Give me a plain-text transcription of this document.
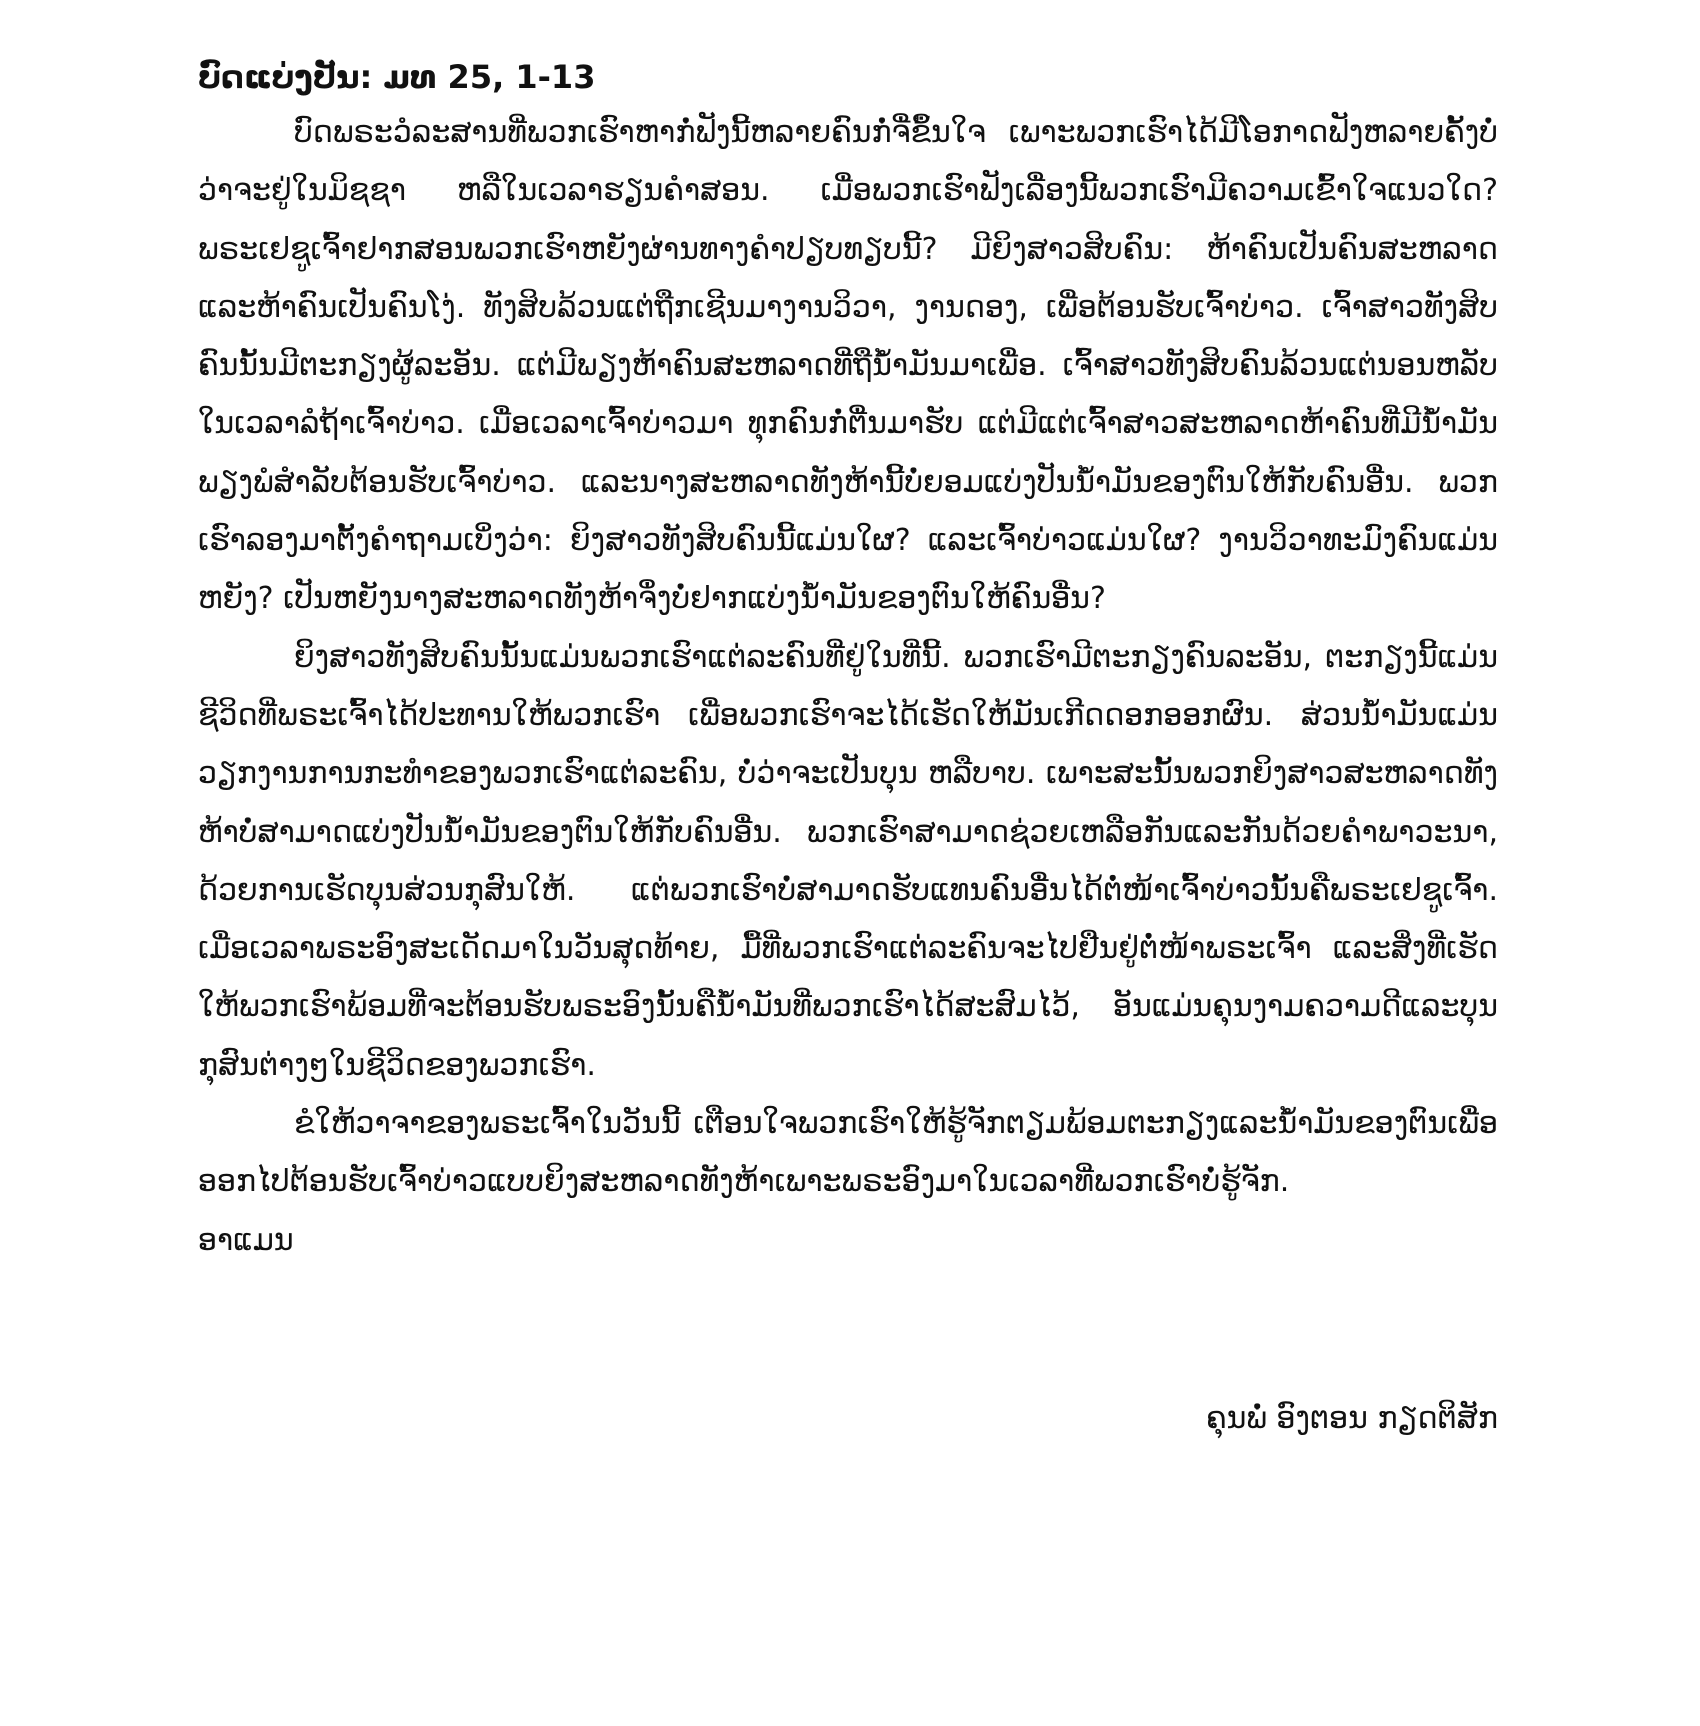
ບົດແບ່ງປັນ: ມທ 25, 1-13

ບົດພຣະວໍລະສານທີ່ພວກເຮົາຫາກໍ່ຟັງນີ້ຫລາຍຄົນກໍ່ຈື່ຂຶ້ນໃຈ ເພາະພວກເຮົາໄດ້ມີໂອກາດຟັງຫລາຍຄັ້ງບໍ່ວ່າຈະຢູ່ໃນມິຊຊາ ຫລືໃນເວລາຮຽນຄຳສອນ. ເມື່ອພວກເຮົາຟັງເລື່ອງນີ້ພວກເຮົາມີຄວາມເຂົ້າໃຈແນວໃດ? ພຣະເຢຊູເຈົ້າຢາກສອນພວກເຮົາຫຍັງຜ່ານທາງຄຳປຽບທຽບນີ້? ມີຍິງສາວສິບຄົນ: ຫ້າຄົນເປັນຄົນສະຫລາດ ແລະຫ້າຄົນເປັນຄົນໂງ່. ທັງສິບລ້ວນແຕ່ຖືກເຊີນມາງານວິວາ, ງານດອງ, ເພື່ອຕ້ອນຮັບເຈົ້າບ່າວ. ເຈົ້າສາວທັງສິບຄົນນັ້ນມີຕະກຽງຜູ້ລະອັນ. ແຕ່ມີພຽງຫ້າຄົນສະຫລາດທີ່ຖືນ້ຳມັນມາເພື່ອ. ເຈົ້າສາວທັງສິບຄົນລ້ວນແຕ່ນອນຫລັບໃນເວລາລໍຖ້າເຈົ້າບ່າວ. ເມື່ອເວລາເຈົ້າບ່າວມາ ທຸກຄົນກໍ່ຕື່ນມາຮັບ ແຕ່ມີແຕ່ເຈົ້າສາວສະຫລາດຫ້າຄົນທີ່ມີນ້ຳມັນພຽງພໍສຳລັບຕ້ອນຮັບເຈົ້າບ່າວ. ແລະນາງສະຫລາດທັງຫ້ານີ້ບໍ່ຍອມແບ່ງປັນນ້ຳມັນຂອງຕົນໃຫ້ກັບຄົນອື່ນ. ພວກເຮົາລອງມາຕັ້ງຄຳຖາມເບິ່ງວ່າ: ຍິງສາວທັງສິບຄົນນີ້ແມ່ນໃຜ? ແລະເຈົ້າບ່າວແມ່ນໃຜ? ງານວິວາທະມົງຄົນແມ່ນຫຍັງ? ເປັນຫຍັງນາງສະຫລາດທັງຫ້າຈຶ່ງບໍ່ຢາກແບ່ງນ້ຳມັນຂອງຕົນໃຫ້ຄົນອື່ນ?

ຍິງສາວທັງສິບຄົນນັ້ນແມ່ນພວກເຮົາແຕ່ລະຄົນທີ່ຢູ່ໃນທີ່ນີ້. ພວກເຮົາມີຕະກຽງຄົນລະອັນ, ຕະກຽງນີ້ແມ່ນຊີວິດທີ່ພຣະເຈົ້າໄດ້ປະທານໃຫ້ພວກເຮົາ ເພື່ອພວກເຮົາຈະໄດ້ເຮັດໃຫ້ມັນເກີດດອກອອກຜົນ. ສ່ວນນ້ຳມັນແມ່ນວຽກງານການກະທຳຂອງພວກເຮົາແຕ່ລະຄົນ, ບໍ່ວ່າຈະເປັນບຸນ ຫລືບາບ. ເພາະສະນັ້ນພວກຍິງສາວສະຫລາດທັງຫ້າບໍ່ສາມາດແບ່ງປັນນ້ຳມັນຂອງຕົນໃຫ້ກັບຄົນອື່ນ. ພວກເຮົາສາມາດຊ່ວຍເຫລືອກັນແລະກັນດ້ວຍຄຳພາວະນາ, ດ້ວຍການເຮັດບຸນສ່ວນກຸສົນໃຫ້. ແຕ່ພວກເຮົາບໍ່ສາມາດຮັບແທນຄົນອື່ນໄດ້ຕໍ່ໜ້າເຈົ້າບ່າວນັ້ນຄືພຣະເຢຊູເຈົ້າ. ເມື່ອເວລາພຣະອົງສະເດັດມາໃນວັນສຸດທ້າຍ, ມື້ທີ່ພວກເຮົາແຕ່ລະຄົນຈະໄປຢືນຢູ່ຕໍ່ໜ້າພຣະເຈົ້າ ແລະສິ່ງທີ່ເຮັດໃຫ້ພວກເຮົາພ້ອມທີ່ຈະຕ້ອນຮັບພຣະອົງນັ້ນຄືນ້ຳມັນທີ່ພວກເຮົາໄດ້ສະສົມໄວ້, ອັນແມ່ນຄຸນງາມຄວາມດີແລະບຸນກຸສົນຕ່າງໆໃນຊີວິດຂອງພວກເຮົາ.

ຂໍໃຫ້ວາຈາຂອງພຣະເຈົ້າໃນວັນນີ້ ເຕືອນໃຈພວກເຮົາໃຫ້ຮູ້ຈັກຕຽມພ້ອມຕະກຽງແລະນ້ຳມັນຂອງຕົນເພື່ອອອກໄປຕ້ອນຮັບເຈົ້າບ່າວແບບຍິງສະຫລາດທັງຫ້າເພາະພຣະອົງມາໃນເວລາທີ່ພວກເຮົາບໍ່ຮູ້ຈັກ.

ອາແມນ

ຄຸນພໍ່ ອົງຕອນ ກຽດຕິສັກ
